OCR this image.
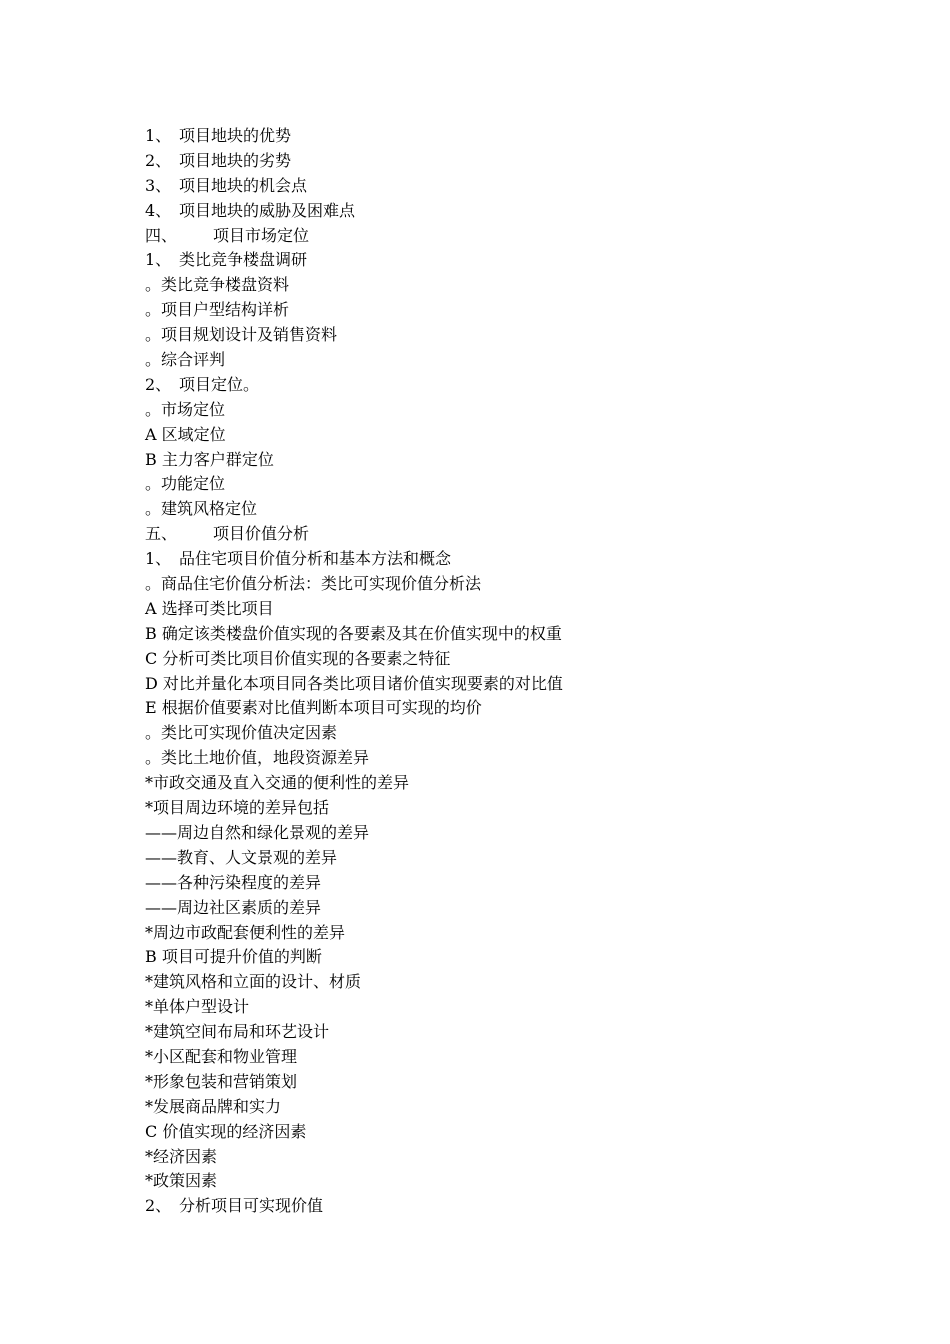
1、 项目地块的优势
2、 项目地块的劣势
3、 项目地块的机会点
4、 项目地块的威胁及困难点
四、 项目市场定位
1、 类比竞争楼盘调研
。类比竞争楼盘资料
。项目户型结构详析
。项目规划设计及销售资料
。综合评判
2、 项目定位。
。市场定位
A 区域定位
B 主力客户群定位
。功能定位
。建筑风格定位
五、 项目价值分析
1、 品住宅项目价值分析和基本方法和概念
。商品住宅价值分析法：类比可实现价值分析法
A 选择可类比项目
B 确定该类楼盘价值实现的各要素及其在价值实现中的权重
C 分析可类比项目价值实现的各要素之特征
D 对比并量化本项目同各类比项目诸价值实现要素的对比值
E 根据价值要素对比值判断本项目可实现的均价
。类比可实现价值决定因素
。类比土地价值，地段资源差异
*市政交通及直入交通的便利性的差异
*项目周边环境的差异包括
——周边自然和绿化景观的差异
——教育、人文景观的差异
——各种污染程度的差异
——周边社区素质的差异
*周边市政配套便利性的差异
B 项目可提升价值的判断
*建筑风格和立面的设计、材质
*单体户型设计
*建筑空间布局和环艺设计
*小区配套和物业管理
*形象包装和营销策划
*发展商品牌和实力
C 价值实现的经济因素
*经济因素
*政策因素
2、 分析项目可实现价值
